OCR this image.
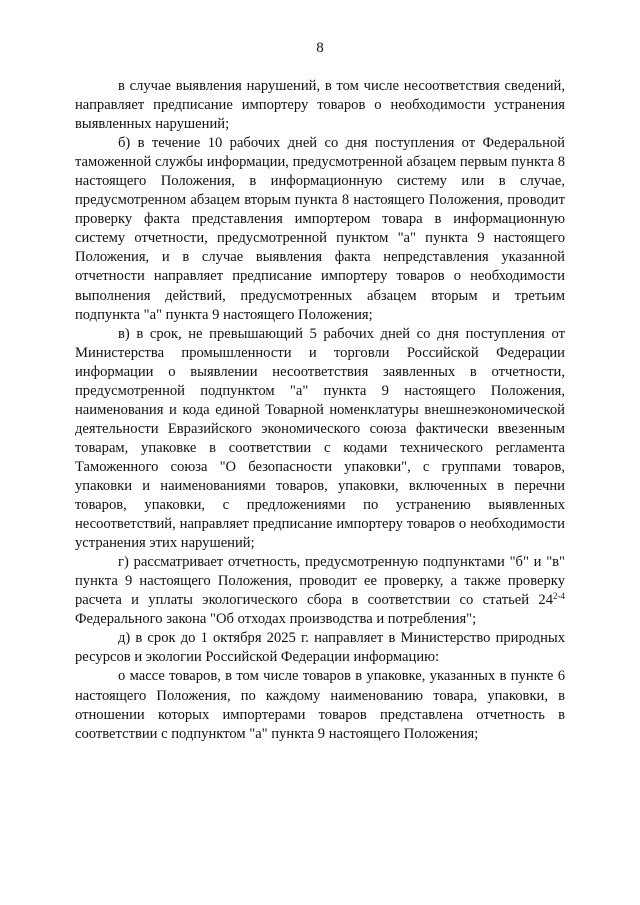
8

в случае выявления нарушений, в том числе несоответствия сведений, направляет предписание импортеру товаров о необходимости устранения выявленных нарушений;

б) в течение 10 рабочих дней со дня поступления от Федеральной таможенной службы информации, предусмотренной абзацем первым пункта 8 настоящего Положения, в информационную систему или в случае, предусмотренном абзацем вторым пункта 8 настоящего Положения, проводит проверку факта представления импортером товара в информационную систему отчетности, предусмотренной пунктом "а" пункта 9 настоящего Положения, и в случае выявления факта непредставления указанной отчетности направляет предписание импортеру товаров о необходимости выполнения действий, предусмотренных абзацем вторым и третьим подпункта "а" пункта 9 настоящего Положения;

в) в срок, не превышающий 5 рабочих дней со дня поступления от Министерства промышленности и торговли Российской Федерации информации о выявлении несоответствия заявленных в отчетности, предусмотренной подпунктом "а" пункта 9 настоящего Положения, наименования и кода единой Товарной номенклатуры внешнеэкономической деятельности Евразийского экономического союза фактически ввезенным товарам, упаковке в соответствии с кодами технического регламента Таможенного союза "О безопасности упаковки", с группами товаров, упаковки и наименованиями товаров, упаковки, включенных в перечни товаров, упаковки, с предложениями по устранению выявленных несоответствий, направляет предписание импортеру товаров о необходимости устранения этих нарушений;

г) рассматривает отчетность, предусмотренную подпунктами "б" и "в" пункта 9 настоящего Положения, проводит ее проверку, а также проверку расчета и уплаты экологического сбора в соответствии со статьей 24$^{2-4}$ Федерального закона "Об отходах производства и потребления";

д) в срок до 1 октября 2025 г. направляет в Министерство природных ресурсов и экологии Российской Федерации информацию:

о массе товаров, в том числе товаров в упаковке, указанных в пункте 6 настоящего Положения, по каждому наименованию товара, упаковки, в отношении которых импортерами товаров представлена отчетность в соответствии с подпунктом "а" пункта 9 настоящего Положения;
